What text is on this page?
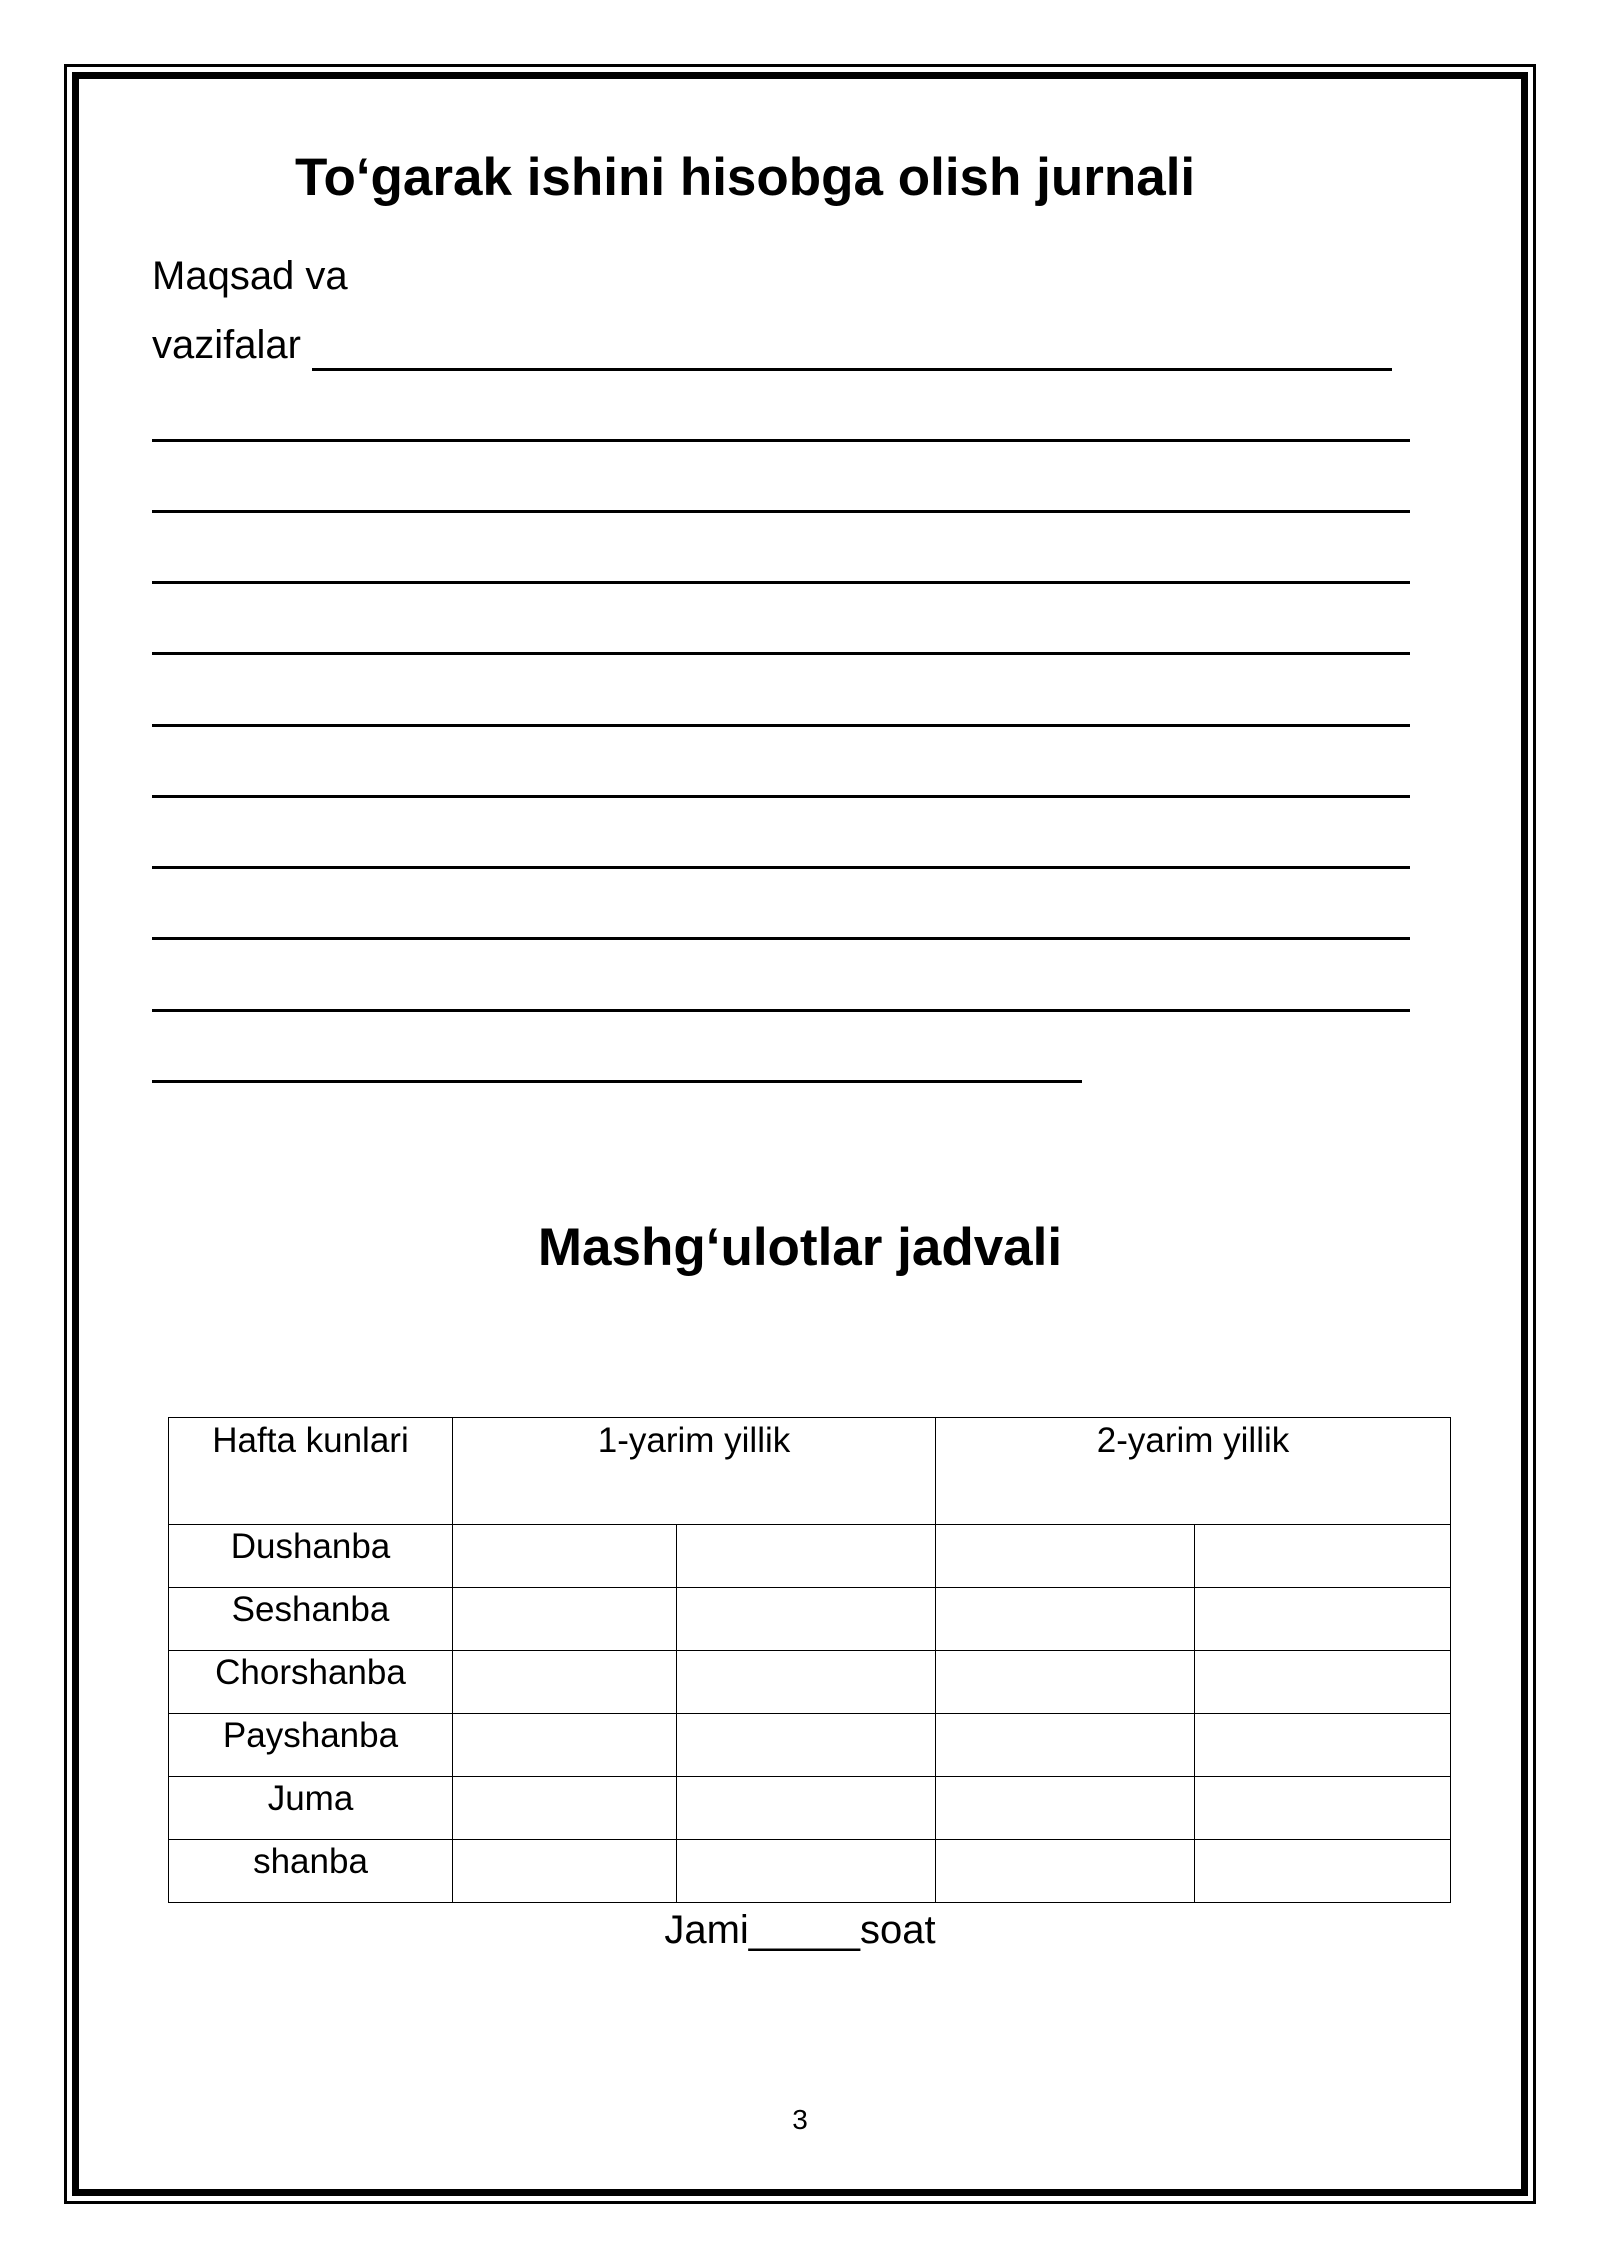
To‘garak ishini hisobga olish jurnali
Maqsad va
vazifalar
Mashg‘ulotlar jadvali
Hafta kunlari	1-yarim yillik		2-yarim yillik	
Dushanba				
Seshanba				
Chorshanba				
Payshanba				
Juma				
shanba				
Jami_____soat
3
